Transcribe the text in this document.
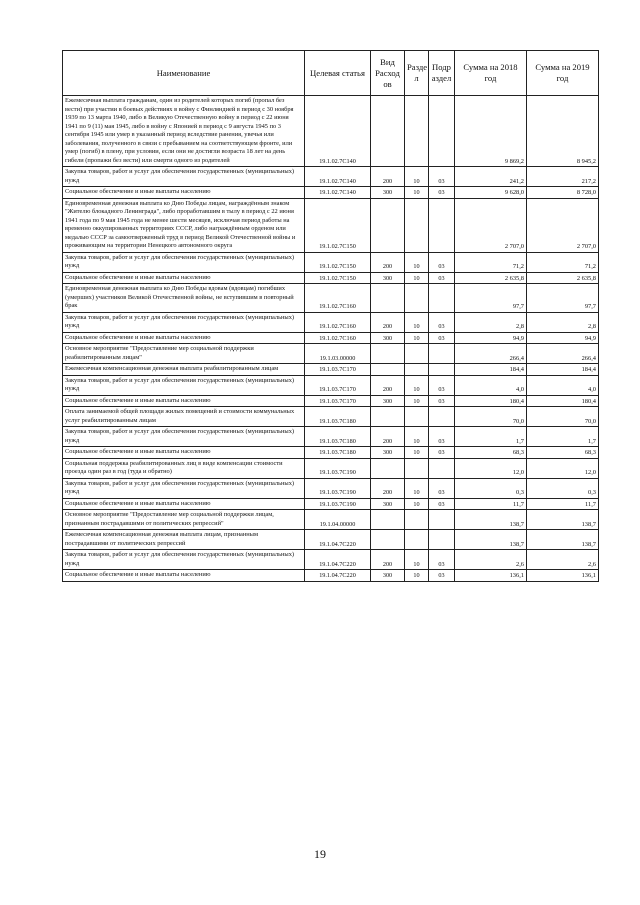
Наименование	Целевая статья	Вид Расход ов	Разде л	Подр аздел	Сумма на 2018 год	Сумма на 2019 год
Ежемесячная выплата гражданам, один из родителей которых погиб (пропал без вести) при участии в боевых действиях в войну с Финляндией в период с 30 ноября 1939 по 13 марта 1940, либо в Великую Отечественную войну в период с 22 июня 1941 по 9 (11) мая 1945, либо в войну с Японией в период с 9 августа 1945 по 3 сентября 1945 или умер в указанный период вследствие ранения, увечья или заболевания, полученного в связи с пребыванием на соответствующем фронте, или умер (погиб) в плену, при условии, если они не достигли возраста 18 лет на день гибели (пропажи без вести) или смерти одного из родителей	19.1.02.7С140				9 869,2	8 945,2
Закупка товаров, работ и услуг для обеспечения государственных (муниципальных) нужд	19.1.02.7С140	200	10	03	241,2	217,2
Социальное обеспечение и иные выплаты населению	19.1.02.7С140	300	10	03	9 628,0	8 728,0
Единовременная денежная выплата ко Дню Победы лицам, награждённым знаком "Жителю блокадного Ленинграда", либо проработавшим в тылу в период с 22 июня 1941 года по 9 мая 1945 года не менее шести месяцев, исключая период работы на временно оккупированных территориях СССР, либо награждённым орденом или медалью СССР за самоотверженный труд в период Великой Отечественной войны и проживающим на территории Ненецкого автономного округа	19.1.02.7С150				2 707,0	2 707,0
Закупка товаров, работ и услуг для обеспечения государственных (муниципальных) нужд	19.1.02.7С150	200	10	03	71,2	71,2
Социальное обеспечение и иные выплаты населению	19.1.02.7С150	300	10	03	2 635,8	2 635,8
Единовременная денежная выплата ко Дню Победы вдовам (вдовцам) погибших (умерших) участников Великой Отечественной войны, не вступившим в повторный брак	19.1.02.7С160				97,7	97,7
Закупка товаров, работ и услуг для обеспечения государственных (муниципальных) нужд	19.1.02.7С160	200	10	03	2,8	2,8
Социальное обеспечение и иные выплаты населению	19.1.02.7С160	300	10	03	94,9	94,9
Основное мероприятие "Предоставление мер социальной поддержки реабилитированным лицам"	19.1.03.00000				266,4	266,4
Ежемесячная компенсационная денежная выплата реабилитированным лицам	19.1.03.7С170				184,4	184,4
Закупка товаров, работ и услуг для обеспечения государственных (муниципальных) нужд	19.1.03.7С170	200	10	03	4,0	4,0
Социальное обеспечение и иные выплаты населению	19.1.03.7С170	300	10	03	180,4	180,4
Оплата занимаемой общей площади жилых помещений и стоимости коммунальных услуг реабилитированным лицам	19.1.03.7С180				70,0	70,0
Закупка товаров, работ и услуг для обеспечения государственных (муниципальных) нужд	19.1.03.7С180	200	10	03	1,7	1,7
Социальное обеспечение и иные выплаты населению	19.1.03.7С180	300	10	03	68,3	68,3
Социальная поддержка реабилитированных лиц в виде компенсации стоимости проезда один раз в год (туда и обратно)	19.1.03.7С190				12,0	12,0
Закупка товаров, работ и услуг для обеспечения государственных (муниципальных) нужд	19.1.03.7С190	200	10	03	0,3	0,3
Социальное обеспечение и иные выплаты населению	19.1.03.7С190	300	10	03	11,7	11,7
Основное мероприятие "Предоставление мер социальной поддержки лицам, признанным пострадавшими от политических репрессий"	19.1.04.00000				138,7	138,7
Ежемесячная компенсационная денежная выплата лицам, признанным пострадавшими от политических репрессий	19.1.04.7С220				138,7	138,7
Закупка товаров, работ и услуг для обеспечения государственных (муниципальных) нужд	19.1.04.7С220	200	10	03	2,6	2,6
Социальное обеспечение и иные выплаты населению	19.1.04.7С220	300	10	03	136,1	136,1
19
